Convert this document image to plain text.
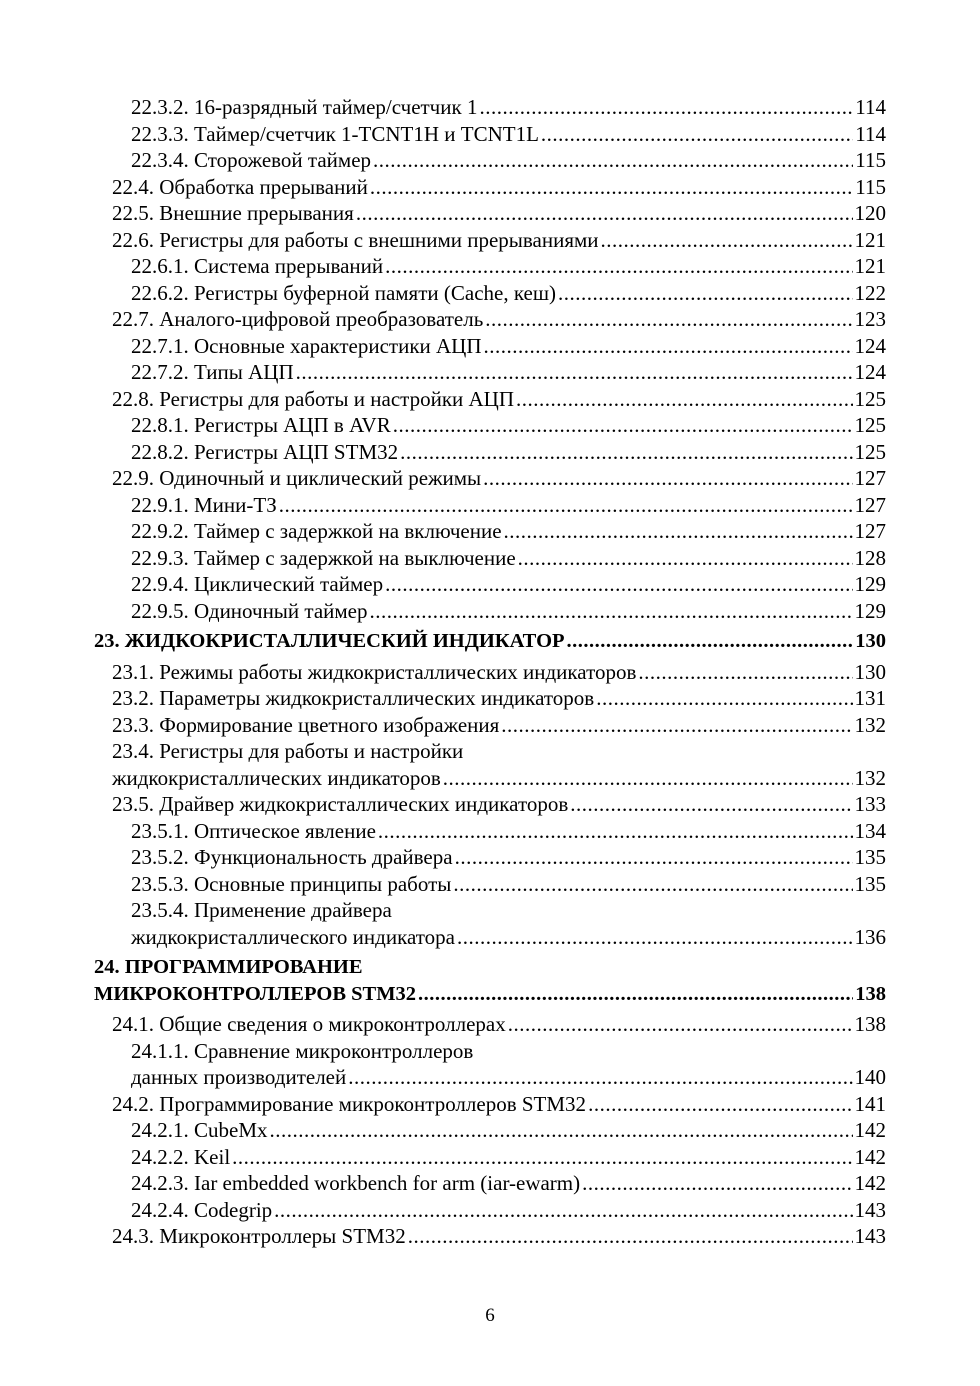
22.3.2. 16-разрядный таймер/счетчик 1 .....	114
22.3.3. Таймер/счетчик 1-TCNT1H и TCNT1L .....	114
22.3.4. Сторожевой таймер .....	115
22.4. Обработка прерываний .....	115
22.5. Внешние прерывания .....	120
22.6. Регистры для работы с внешними прерываниями .....	121
22.6.1. Система прерываний .....	121
22.6.2. Регистры буферной памяти (Cache, кеш) .....	122
22.7. Аналого-цифровой преобразователь .....	123
22.7.1. Основные характеристики АЦП .....	124
22.7.2. Типы АЦП .....	124
22.8. Регистры для работы и настройки АЦП .....	125
22.8.1. Регистры АЦП в AVR .....	125
22.8.2. Регистры АЦП STM32 .....	125
22.9. Одиночный и циклический режимы .....	127
22.9.1. Мини-ТЗ .....	127
22.9.2. Таймер с задержкой на включение .....	127
22.9.3. Таймер с задержкой на выключение .....	128
22.9.4. Циклический таймер .....	129
22.9.5. Одиночный таймер .....	129
23. ЖИДКОКРИСТАЛЛИЧЕСКИЙ ИНДИКАТОР .....	130
23.1. Режимы работы жидкокристаллических индикаторов .....	130
23.2. Параметры жидкокристаллических индикаторов .....	131
23.3. Формирование цветного изображения .....	132
23.4. Регистры для работы и настройки
жидкокристаллических индикаторов .....	132
23.5. Драйвер жидкокристаллических индикаторов .....	133
23.5.1. Оптическое явление .....	134
23.5.2. Функциональность драйвера .....	135
23.5.3. Основные принципы работы .....	135
23.5.4. Применение драйвера
жидкокристаллического индикатора .....	136
24. ПРОГРАММИРОВАНИЕ
МИКРОКОНТРОЛЛЕРОВ STM32 .....	138
24.1. Общие сведения о микроконтроллерах .....	138
24.1.1. Сравнение микроконтроллеров
данных производителей .....	140
24.2. Программирование микроконтроллеров STM32 .....	141
24.2.1. CubeMx .....	142
24.2.2. Keil .....	142
24.2.3. Iar embedded workbench for arm (iar-ewarm) .....	142
24.2.4. Codegrip .....	143
24.3. Микроконтроллеры STM32 .....	143
6
